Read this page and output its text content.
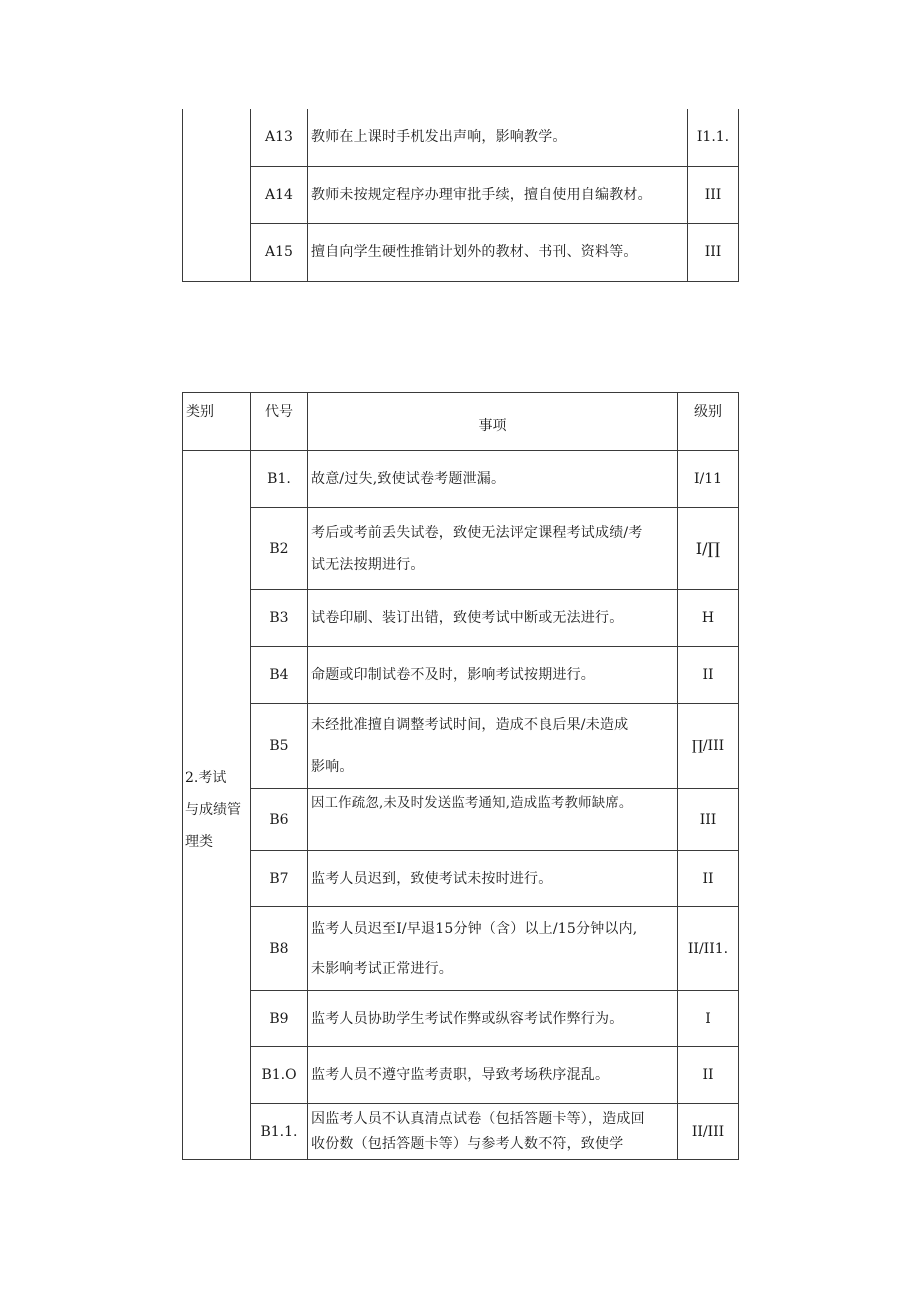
	A13	教师在上课时手机发出声响，影响教学。	I1.1.
	A14	教师未按规定程序办理审批手续，擅自使用自编教材。	III
	A15	擅自向学生硬性推销计划外的教材、书刊、资料等。	III
类别	代号	事项	级别

2.考试
与成绩管
理类	B1.	故意/过失,致使试卷考题泄漏。	I/11
	B2	考后或考前丢失试卷，致使无法评定课程考试成绩/考
试无法按期进行。	I/∏
	B3	试卷印刷、装订出错，致使考试中断或无法进行。	H
	B4	命题或印制试卷不及时，影响考试按期进行。	II
	B5	未经批准擅自调整考试时间，造成不良后果/未造成
影响。	∏/III
	B6	因工作疏忽,未及时发送监考通知,造成监考教师缺席。	III
	B7	监考人员迟到，致使考试未按时进行。	II
	B8	监考人员迟至I/早退15分钟（含）以上/15分钟以内,
未影响考试正常进行。	II/II1.
	B9	监考人员协助学生考试作弊或纵容考试作弊行为。	I
	B1.O	监考人员不遵守监考责职，导致考场秩序混乱。	II
	B1.1.	因监考人员不认真清点试卷（包括答题卡等），造成回
收份数（包括答题卡等）与参考人数不符，致使学	II/III
